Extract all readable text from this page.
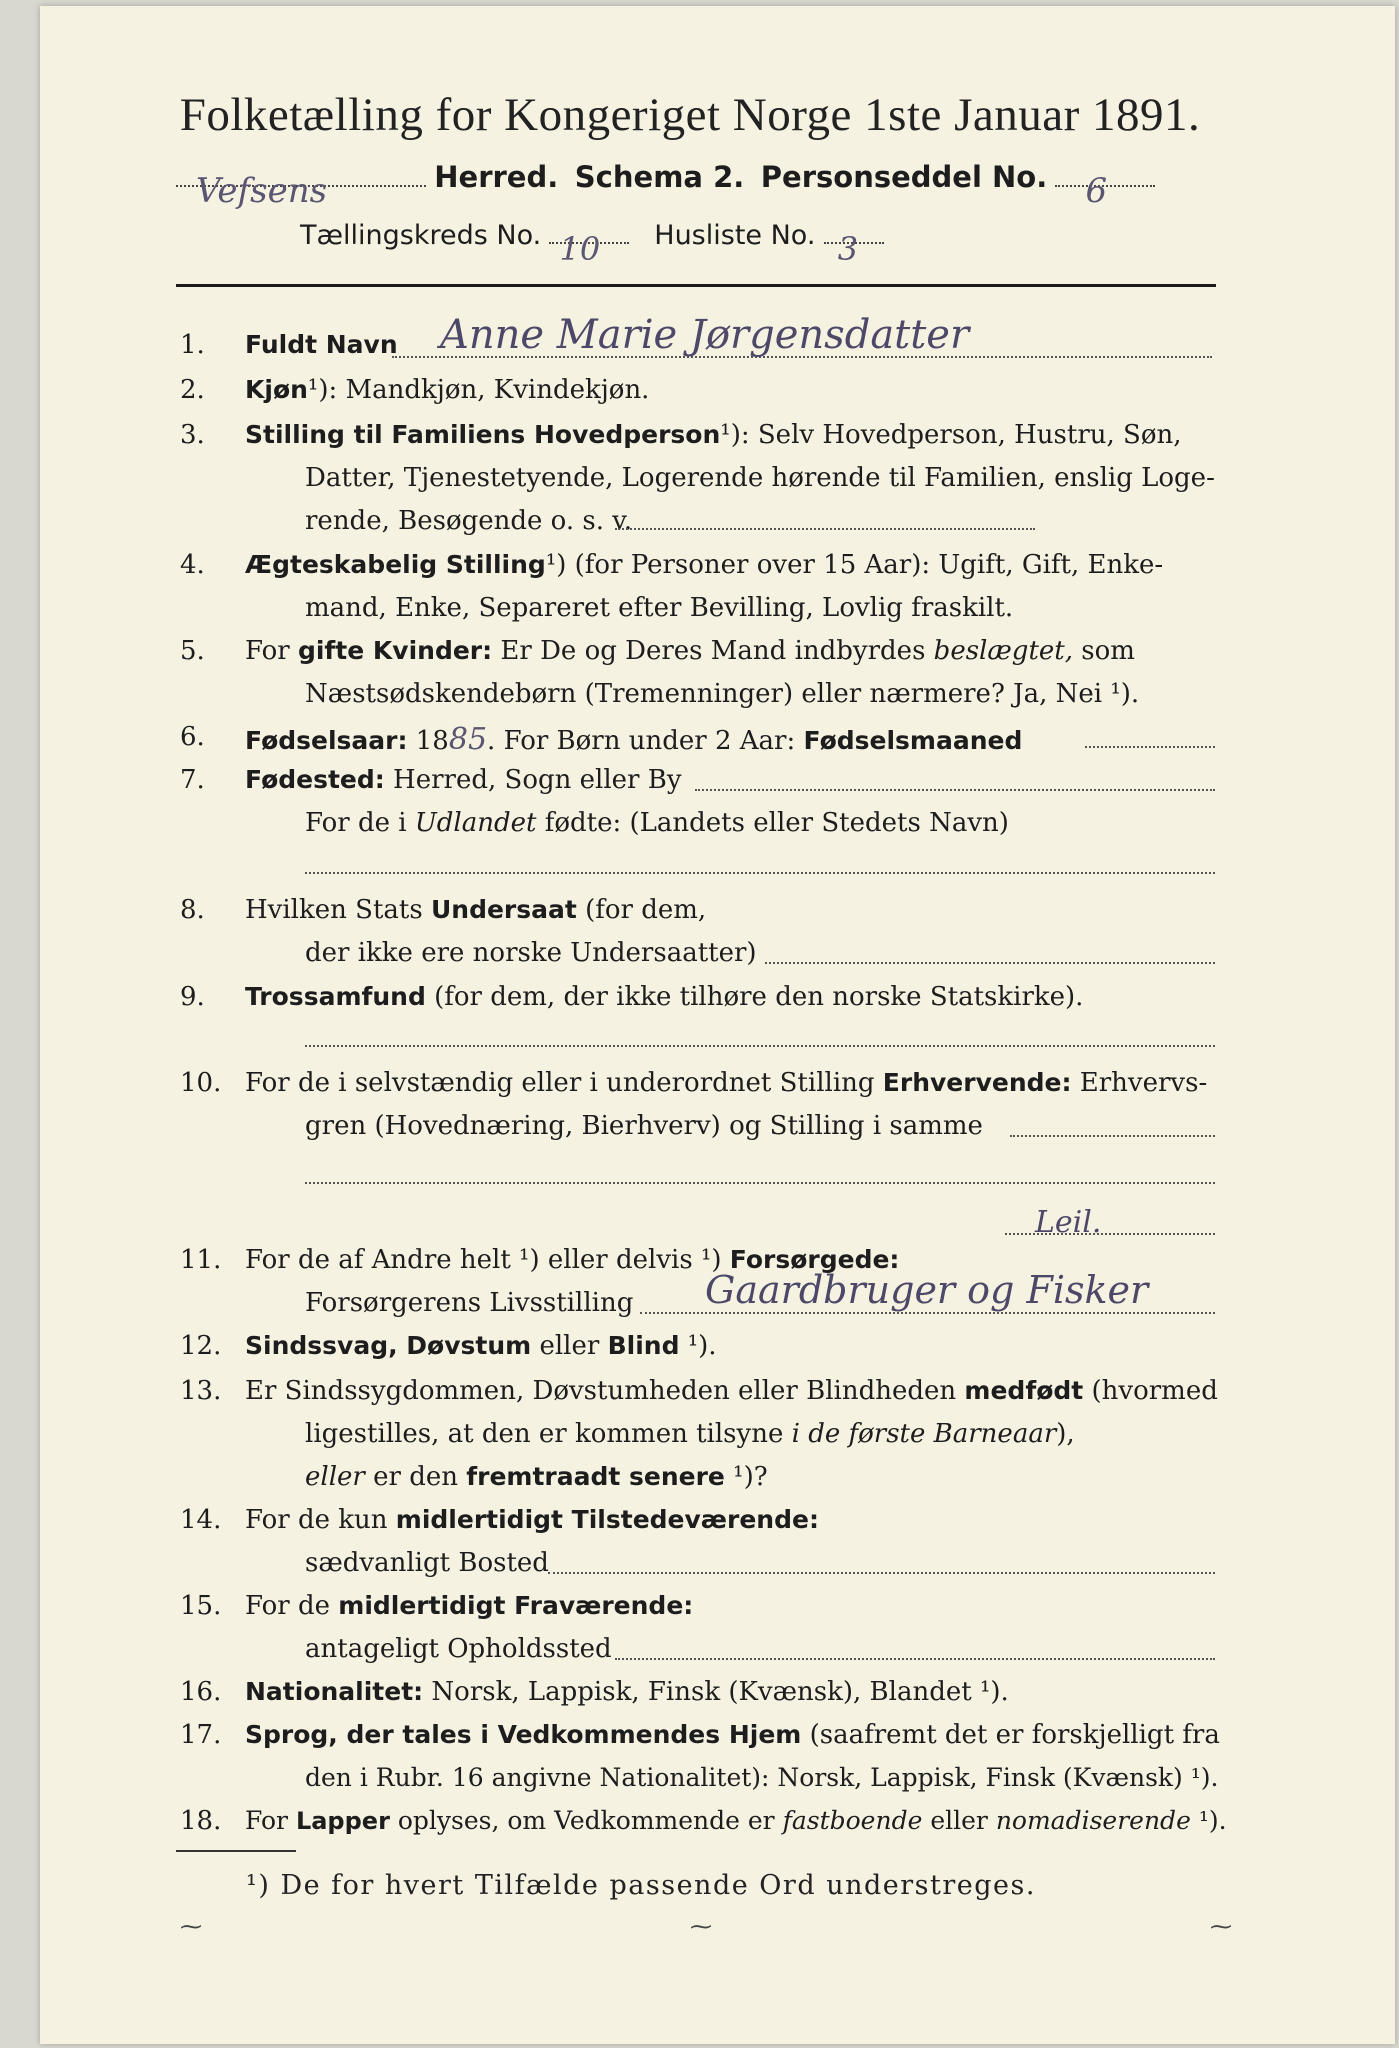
Folketælling for Kongeriget Norge 1ste Januar 1891.
Vefsens	Herred. Schema 2. Personseddel No. 6
Tællingskreds No. 10 Husliste No. 3
1. Fuldt Navn Anne Marie Jørgensdatter
2. Kjøn¹): Mandkjøn, Kvindekjøn.
3. Stilling til Familiens Hovedperson¹): Selv Hovedperson, Hustru, Søn,
Datter, Tjenestetyende, Logerende hørende til Familien, enslig Loge-
rende, Besøgende o. s. v.
4. Ægteskabelig Stilling¹) (for Personer over 15 Aar): Ugift, Gift, Enke-
mand, Enke, Separeret efter Bevilling, Lovlig fraskilt.
5. For gifte Kvinder: Er De og Deres Mand indbyrdes beslægtet, som
Næstsødskendebørn (Tremenninger) eller nærmere? Ja, Nei ¹).
6. Fødselsaar: 1885. For Børn under 2 Aar: Fødselsmaaned
7. Fødested: Herred, Sogn eller By
For de i Udlandet fødte: (Landets eller Stedets Navn)
8. Hvilken Stats Undersaat (for dem,
der ikke ere norske Undersaatter)
9. Trossamfund (for dem, der ikke tilhøre den norske Statskirke).
10. For de i selvstændig eller i underordnet Stilling Erhvervende: Erhvervs-
gren (Hovednæring, Bierhverv) og Stilling i samme
11. For de af Andre helt ¹) eller delvis ¹) Forsørgede:
Leil.
Forsørgerens Livsstilling Gaardbruger og Fisker
12. Sindssvag, Døvstum eller Blind ¹).
13. Er Sindssygdommen, Døvstumheden eller Blindheden medfødt (hvormed
ligestilles, at den er kommen tilsyne i de første Barneaar),
eller er den fremtraadt senere ¹)?
14. For de kun midlertidigt Tilstedeværende:
sædvanligt Bosted
15. For de midlertidigt Fraværende:
antageligt Opholdssted
16. Nationalitet: Norsk, Lappisk, Finsk (Kvænsk), Blandet ¹).
17. Sprog, der tales i Vedkommendes Hjem (saafremt det er forskjelligt fra
den i Rubr. 16 angivne Nationalitet): Norsk, Lappisk, Finsk (Kvænsk) ¹).
18. For Lapper oplyses, om Vedkommende er fastboende eller nomadiserende ¹).
¹) De for hvert Tilfælde passende Ord understreges.
⁓	⁓	⁓
